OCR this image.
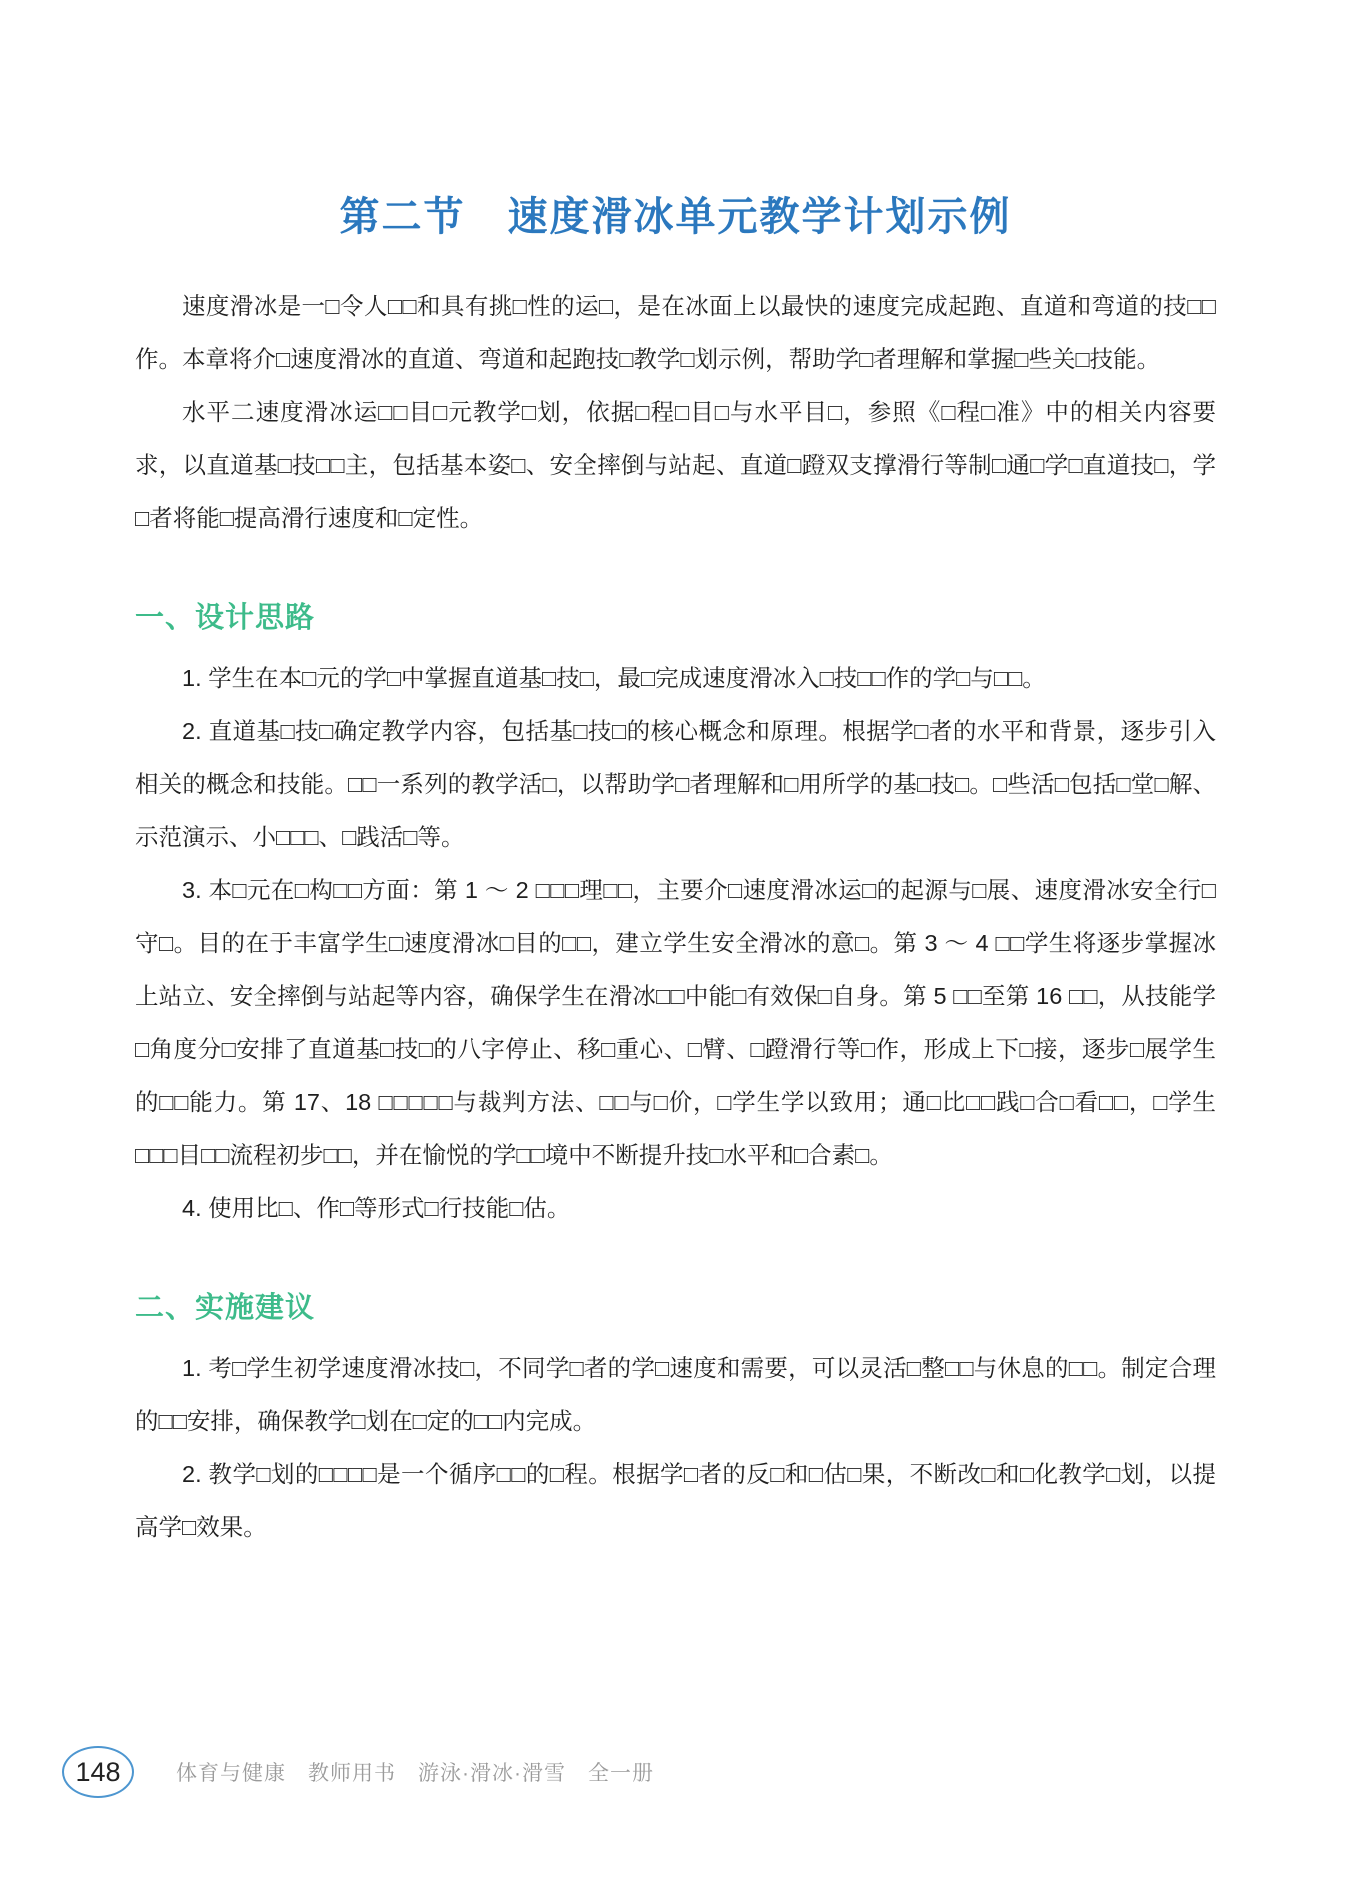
第二节　速度滑冰单元教学计划示例

速度滑冰是一□令人□□和具有挑□性的运□，是在冰面上以最快的速度完成起跑、直道和弯道的技□□作。本章将介□速度滑冰的直道、弯道和起跑技□教学□划示例，帮助学□者理解和掌握□些关□技能。

水平二速度滑冰运□□目□元教学□划，依据□程□目□与水平目□，参照《□程□准》中的相关内容要求，以直道基□技□□主，包括基本姿□、安全摔倒与站起、直道□蹬双支撑滑行等制□通□学□直道技□，学□者将能□提高滑行速度和□定性。

一、设计思路

1. 学生在本□元的学□中掌握直道基□技□，最□完成速度滑冰入□技□□作的学□与□□。

2. 直道基□技□确定教学内容，包括基□技□的核心概念和原理。根据学□者的水平和背景，逐步引入相关的概念和技能。□□一系列的教学活□，以帮助学□者理解和□用所学的基□技□。□些活□包括□堂□解、示范演示、小□□□、□践活□等。

3. 本□元在□构□□方面：第 1 ～ 2 □□□理□□，主要介□速度滑冰运□的起源与□展、速度滑冰安全行□守□。目的在于丰富学生□速度滑冰□目的□□，建立学生安全滑冰的意□。第 3 ～ 4 □□学生将逐步掌握冰上站立、安全摔倒与站起等内容，确保学生在滑冰□□中能□有效保□自身。第 5 □□至第 16 □□，从技能学□角度分□安排了直道基□技□的八字停止、移□重心、□臂、□蹬滑行等□作，形成上下□接，逐步□展学生的□□能力。第 17、18 □□□□□与裁判方法、□□与□价，□学生学以致用；通□比□□践□合□看□□，□学生□□□目□□流程初步□□，并在愉悦的学□□境中不断提升技□水平和□合素□。

4. 使用比□、作□等形式□行技能□估。

二、实施建议

1. 考□学生初学速度滑冰技□，不同学□者的学□速度和需要，可以灵活□整□□与休息的□□。制定合理的□□安排，确保教学□划在□定的□□内完成。

2. 教学□划的□□□□是一个循序□□的□程。根据学□者的反□和□估□果，不断改□和□化教学□划，以提高学□效果。

148	体育与健康　教师用书　游泳·滑冰·滑雪　全一册
